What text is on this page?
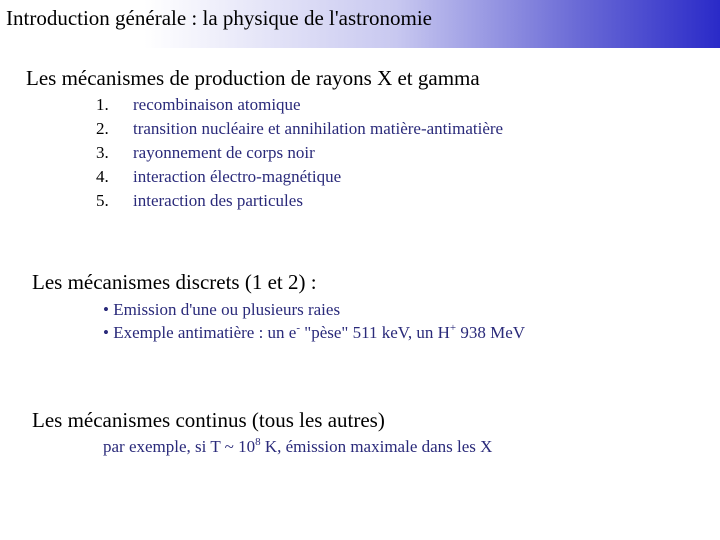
Introduction générale : la physique de l'astronomie
Les mécanismes de production de rayons X et gamma
1.	recombinaison atomique
2.	transition nucléaire et annihilation matière-antimatière
3.	rayonnement de corps noir
4.	interaction électro-magnétique
5.	interaction des particules
Les mécanismes discrets (1 et 2) :
• Emission d'une ou plusieurs raies
• Exemple antimatière : un e- "pèse" 511 keV, un H+ 938 MeV
Les mécanismes continus (tous les autres)
par exemple, si T ~ $10^8$ K, émission maximale dans les X
